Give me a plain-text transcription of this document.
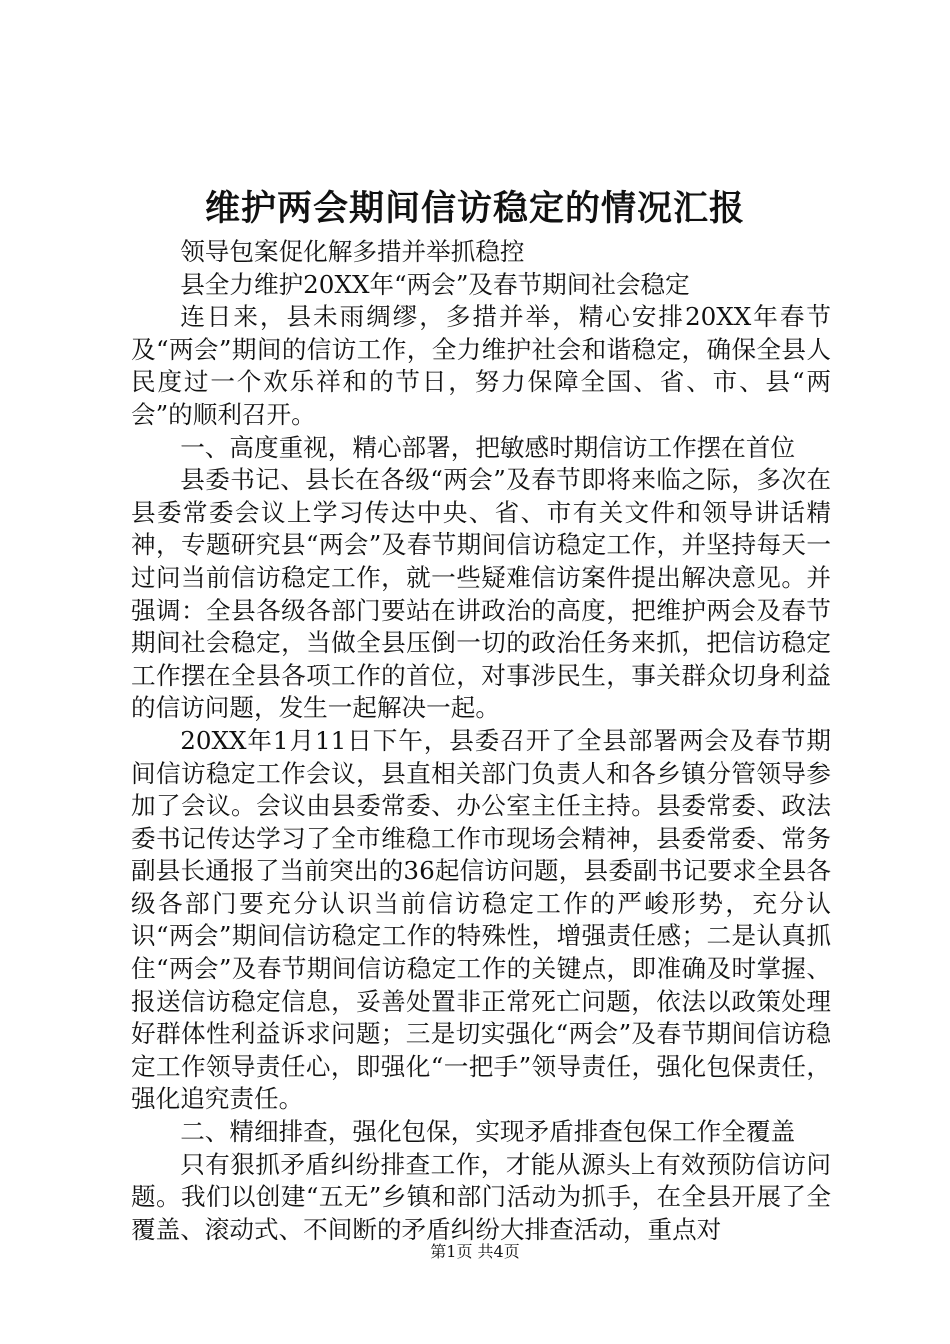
维护两会期间信访稳定的情况汇报

领导包案促化解多措并举抓稳控

县全力维护20XX年“两会”及春节期间社会稳定

连日来，县未雨绸缪，多措并举，精心安排20XX年春节及“两会”期间的信访工作，全力维护社会和谐稳定，确保全县人民度过一个欢乐祥和的节日，努力保障全国、省、市、县“两会”的顺利召开。

一、高度重视，精心部署，把敏感时期信访工作摆在首位

县委书记、县长在各级“两会”及春节即将来临之际，多次在县委常委会议上学习传达中央、省、市有关文件和领导讲话精神，专题研究县“两会”及春节期间信访稳定工作，并坚持每天一过问当前信访稳定工作，就一些疑难信访案件提出解决意见。并强调：全县各级各部门要站在讲政治的高度，把维护两会及春节期间社会稳定，当做全县压倒一切的政治任务来抓，把信访稳定工作摆在全县各项工作的首位，对事涉民生，事关群众切身利益的信访问题，发生一起解决一起。

20XX年1月11日下午，县委召开了全县部署两会及春节期间信访稳定工作会议，县直相关部门负责人和各乡镇分管领导参加了会议。会议由县委常委、办公室主任主持。县委常委、政法委书记传达学习了全市维稳工作市现场会精神，县委常委、常务副县长通报了当前突出的36起信访问题，县委副书记要求全县各级各部门要充分认识当前信访稳定工作的严峻形势，充分认识“两会”期间信访稳定工作的特殊性，增强责任感；二是认真抓住“两会”及春节期间信访稳定工作的关键点，即准确及时掌握、报送信访稳定信息，妥善处置非正常死亡问题，依法以政策处理好群体性利益诉求问题；三是切实强化“两会”及春节期间信访稳定工作领导责任心，即强化“一把手”领导责任，强化包保责任，强化追究责任。

二、精细排查，强化包保，实现矛盾排查包保工作全覆盖

只有狠抓矛盾纠纷排查工作，才能从源头上有效预防信访问题。我们以创建“五无”乡镇和部门活动为抓手，在全县开展了全覆盖、滚动式、不间断的矛盾纠纷大排查活动，重点对

第1页 共4页
